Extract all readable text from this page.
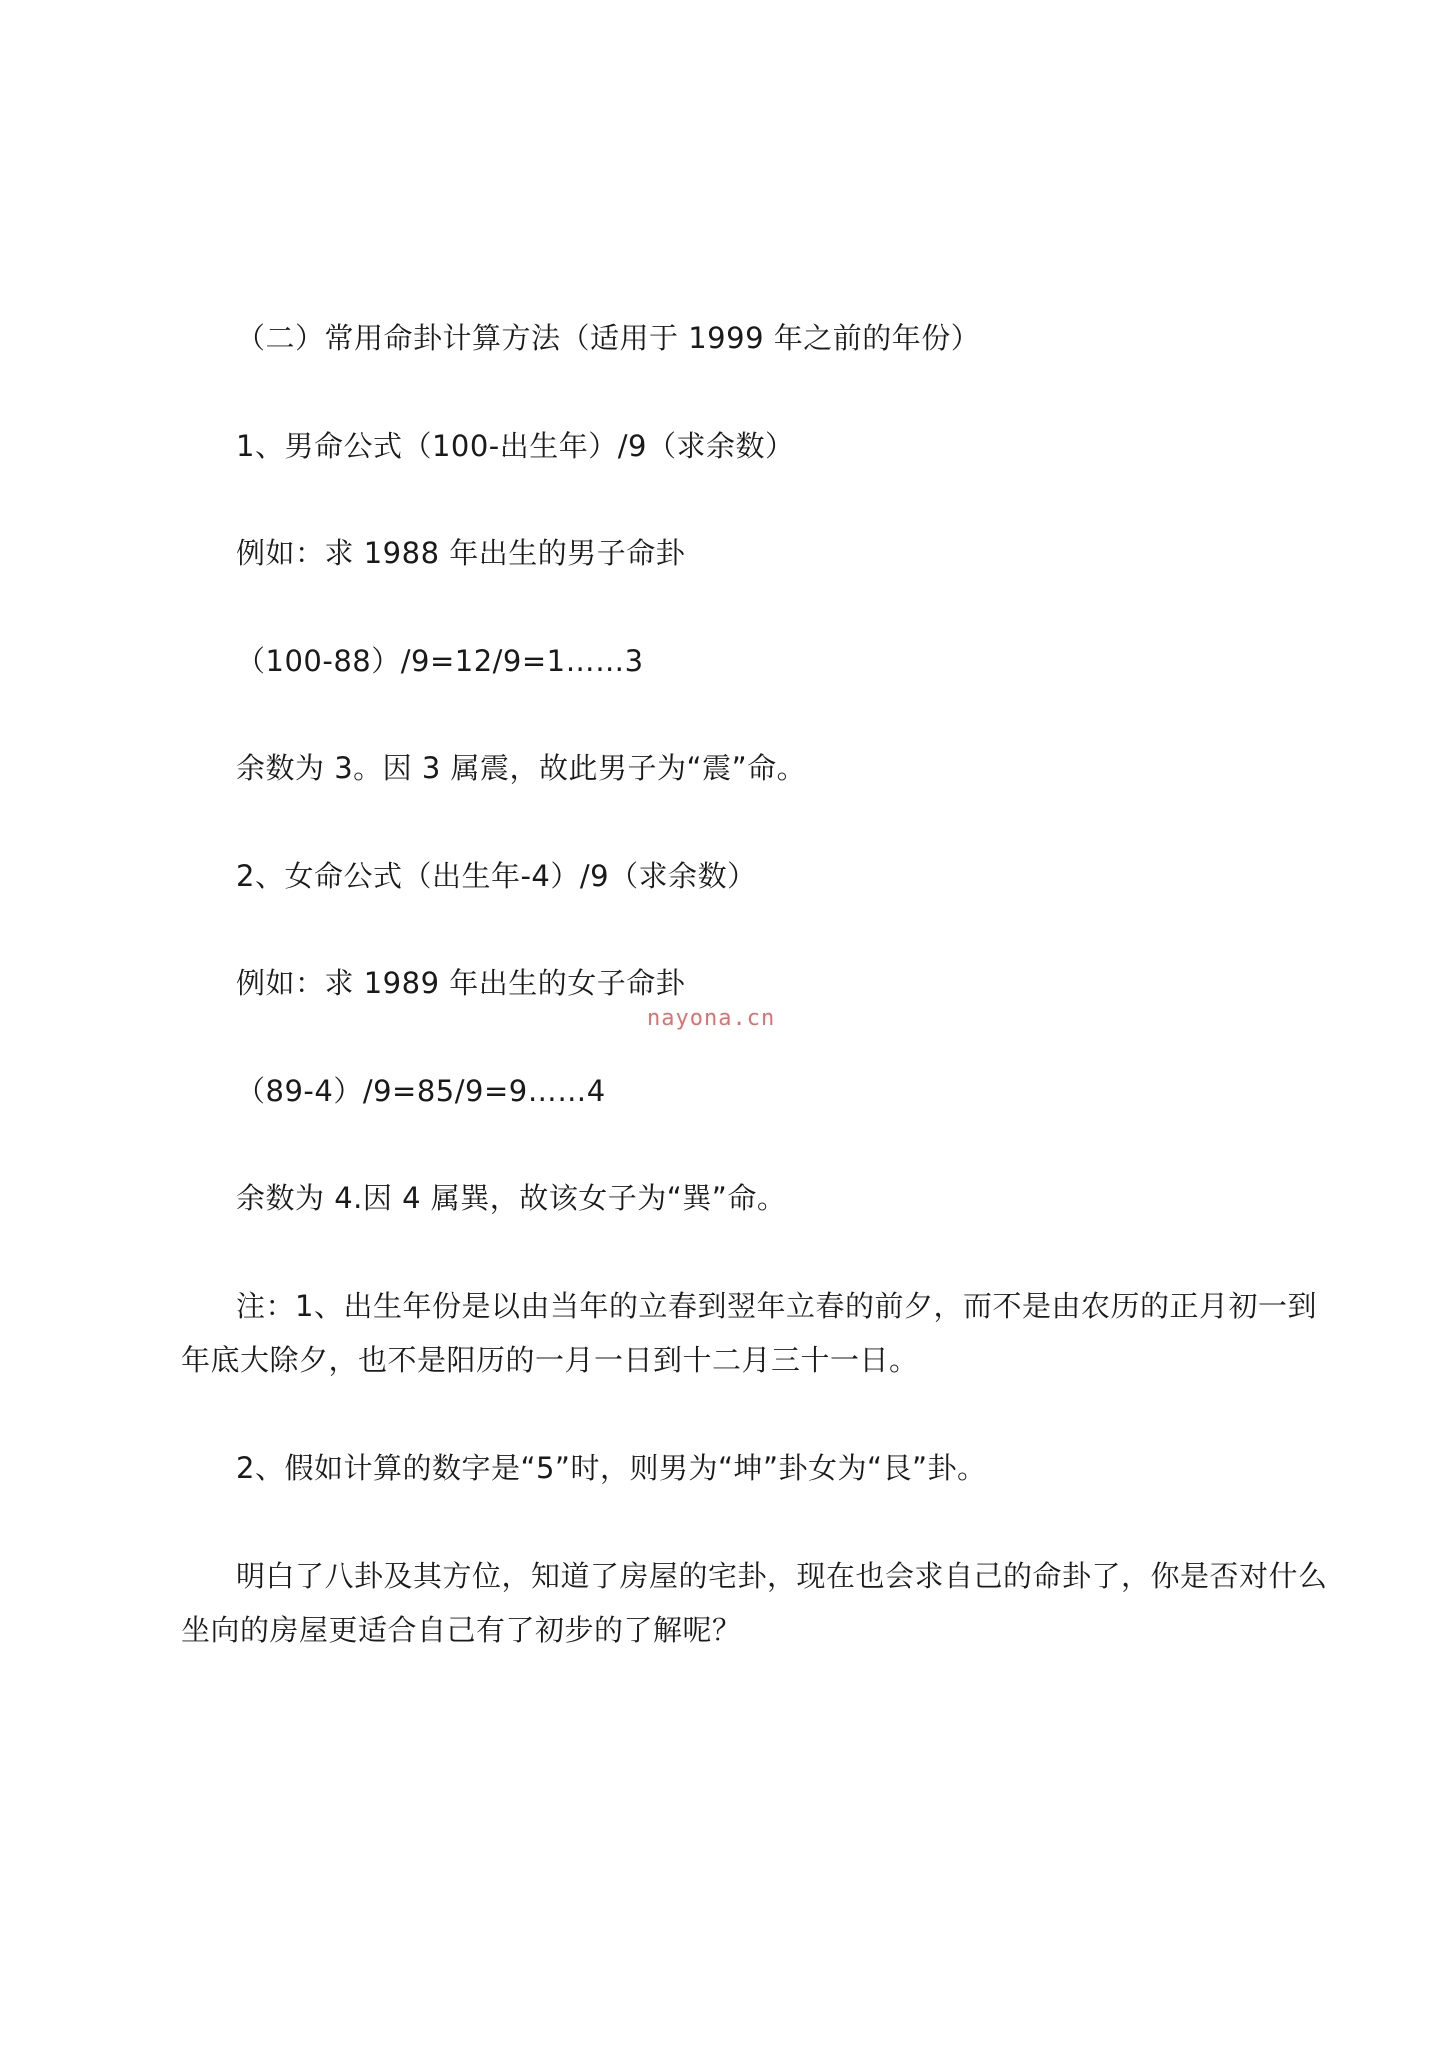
（二）常用命卦计算方法（适用于 1999 年之前的年份）
1、男命公式（100-出生年）/9（求余数）
例如：求 1988 年出生的男子命卦
（100-88）/9=12/9=1……3
余数为 3。因 3 属震，故此男子为“震”命。
2、女命公式（出生年-4）/9（求余数）
例如：求 1989 年出生的女子命卦
nayona.cn
（89-4）/9=85/9=9……4
余数为 4.因 4 属巽，故该女子为“巽”命。
注：1、出生年份是以由当年的立春到翌年立春的前夕，而不是由农历的正月初一到
年底大除夕，也不是阳历的一月一日到十二月三十一日。
2、假如计算的数字是“5”时，则男为“坤”卦女为“艮”卦。
明白了八卦及其方位，知道了房屋的宅卦，现在也会求自己的命卦了，你是否对什么
坐向的房屋更适合自己有了初步的了解呢？
